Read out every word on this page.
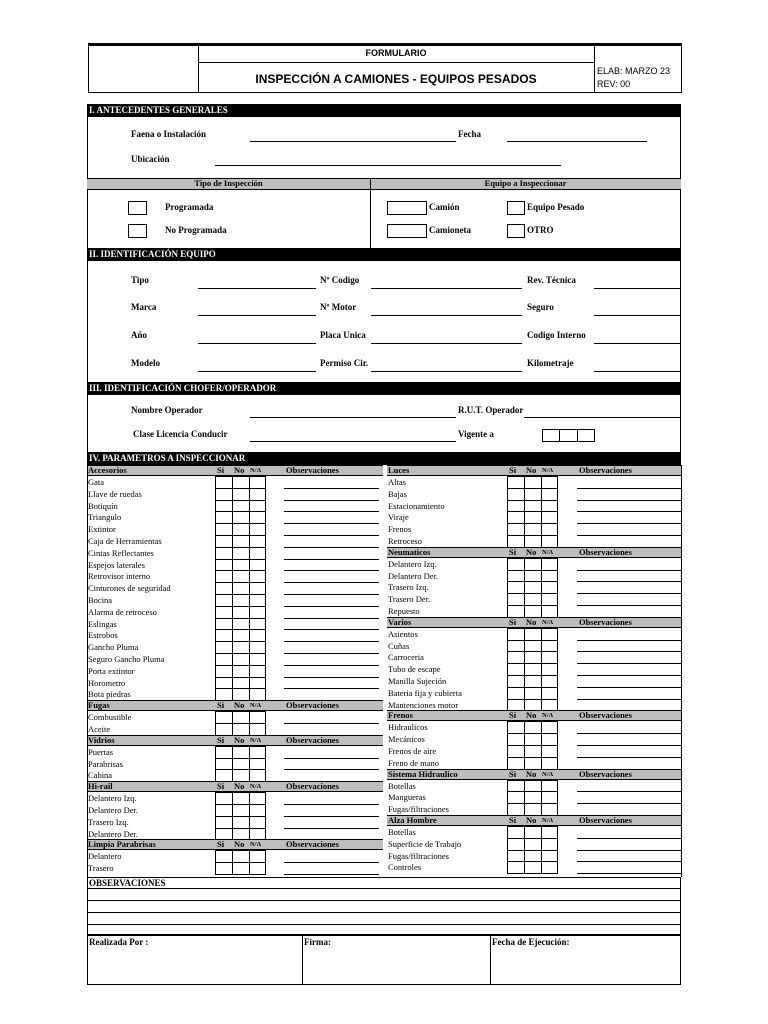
FORMULARIO
INSPECCIÓN A CAMIONES - EQUIPOS PESADOS
ELAB: MARZO 23
REV: 00
I. ANTECEDENTES GENERALES
Faena o Instalación	Fecha
Ubicación
Tipo de Inspección	Equipo a Inspeccionar
Programada
No Programada
Camión
Camioneta
Equipo Pesado
OTRO
II. IDENTIFICACIÓN EQUIPO
Tipo	Nº Codigo	Rev. Técnica
Marca	Nº Motor	Seguro
Año	Placa Unica	Codigo Interno
Modelo	Permiso Cir.	Kilometraje
III. IDENTIFICACIÓN CHOFER/OPERADOR
Nombre Operador	R.U.T. Operador
Clase Licencia Conducir	Vigente a
IV. PARAMETROS A INSPECCIONAR
Accesorios	Si No N/A	Observaciones
Gata
Llave de ruedas
Botiquín
Triangulo
Extintor
Caja de Herramientas
Cintas Reflectantes
Espejos laterales
Retrovisor interno
Cinturones de seguridad
Bocina
Alarma de retroceso
Eslingas
Estrobos
Gancho Pluma
Seguro Gancho Pluma
Porta extintor
Horometro
Bota piedras
Fugas	Si No N/A	Observaciones
Combustible
Aceite
Vidrios	Si No N/A	Observaciones
Puertas
Parabrisas
Cabina
Hi-rail	Si No N/A	Observaciones
Delantero Izq.
Delantero Der.
Trasero Izq.
Delantero Der.
Limpia Parabrisas	Si No N/A	Observaciones
Delantero
Trasero
Luces	Si No N/A	Observaciones
Altas
Bajas
Estacionamiento
Viraje
Frenos
Retroceso
Neumaticos	Si No N/A	Observaciones
Delantero Izq.
Delantero Der.
Trasero Izq.
Trasero Der.
Repuesto
Varios	Si No N/A	Observaciones
Asientos
Cuñas
Carroceria
Tubo de escape
Manilla Sujeción
Bateria fija y cubierta
Mantenciones motor
Frenos	Si No N/A	Observaciones
Hidraulicos
Mecánicos
Frenos de aire
Freno de mano
Sistema Hidraulico	Si No N/A	Observaciones
Botellas
Mangueras
Fugas/filtraciones
Alza Hombre	Si No N/A	Observaciones
Botellas
Superficie de Trabajo
Fugas/filtraciones
Controles
OBSERVACIONES
Realizada Por :	Firma:	Fecha de Ejecución:
